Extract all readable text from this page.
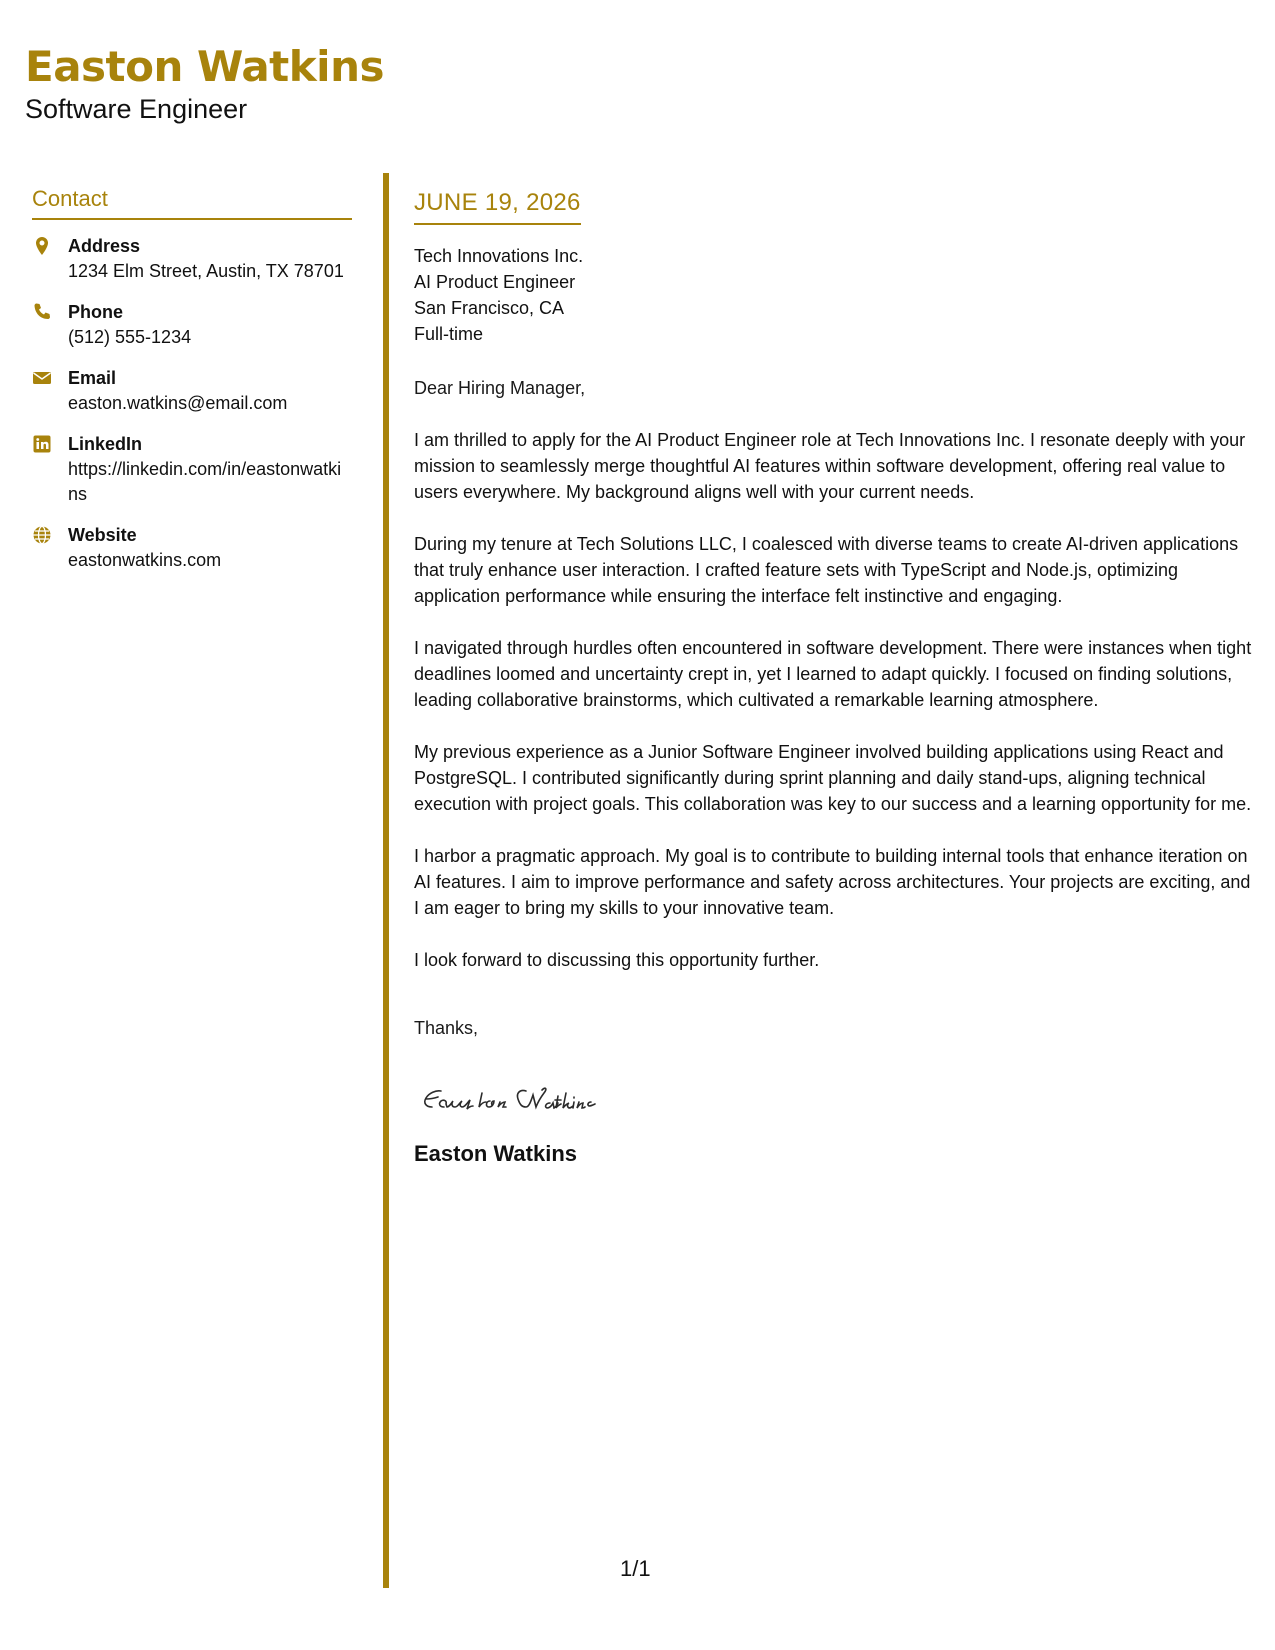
Easton Watkins
Software Engineer
Contact
Address
1234 Elm Street, Austin, TX 78701
Phone
(512) 555-1234
Email
easton.watkins@email.com
LinkedIn
https://linkedin.com/in/eastonwatkins
Website
eastonwatkins.com
JUNE 19, 2026
Tech Innovations Inc.
AI Product Engineer
San Francisco, CA
Full-time
Dear Hiring Manager,
I am thrilled to apply for the AI Product Engineer role at Tech Innovations Inc. I resonate deeply with your mission to seamlessly merge thoughtful AI features within software development, offering real value to users everywhere. My background aligns well with your current needs.
During my tenure at Tech Solutions LLC, I coalesced with diverse teams to create AI-driven applications that truly enhance user interaction. I crafted feature sets with TypeScript and Node.js, optimizing application performance while ensuring the interface felt instinctive and engaging.
I navigated through hurdles often encountered in software development. There were instances when tight deadlines loomed and uncertainty crept in, yet I learned to adapt quickly. I focused on finding solutions, leading collaborative brainstorms, which cultivated a remarkable learning atmosphere.
My previous experience as a Junior Software Engineer involved building applications using React and PostgreSQL. I contributed significantly during sprint planning and daily stand-ups, aligning technical execution with project goals. This collaboration was key to our success and a learning opportunity for me.
I harbor a pragmatic approach. My goal is to contribute to building internal tools that enhance iteration on AI features. I aim to improve performance and safety across architectures. Your projects are exciting, and I am eager to bring my skills to your innovative team.
I look forward to discussing this opportunity further.
Thanks,
Easton Watkins
1/1
